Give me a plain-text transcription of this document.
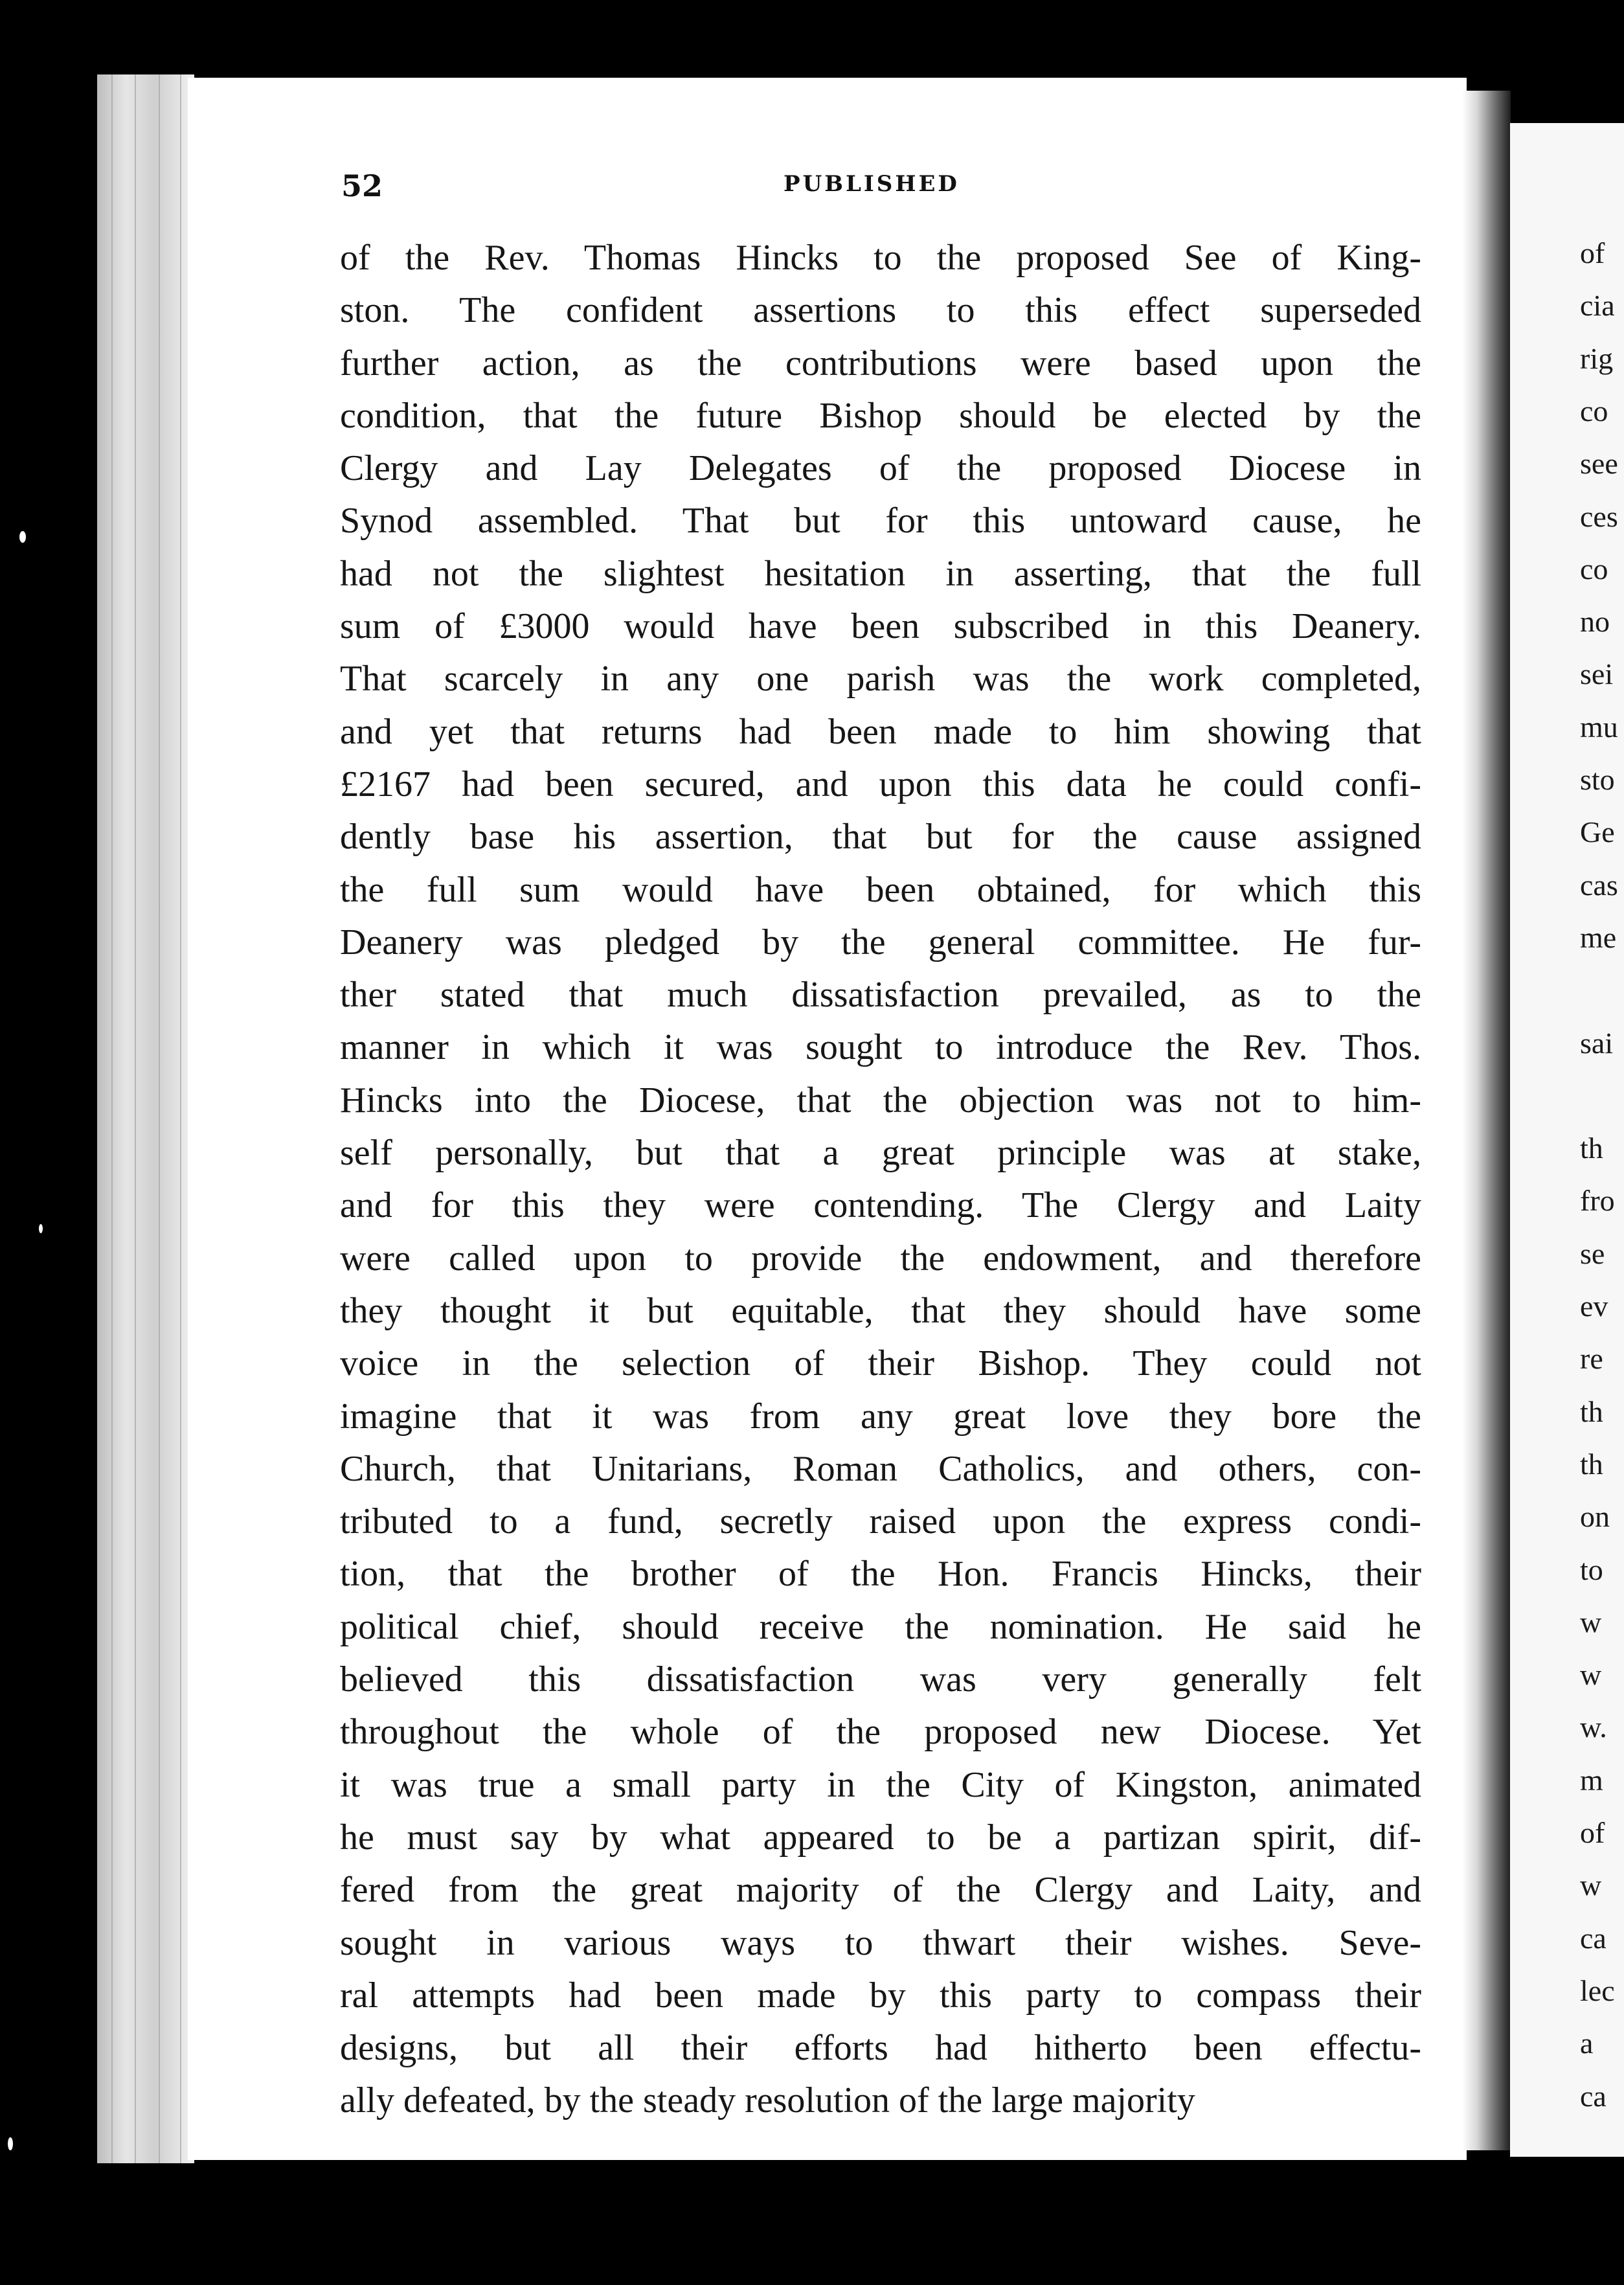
52	PUBLISHED

of the Rev. Thomas Hincks to the proposed See of King-
ston. The confident assertions to this effect superseded
further action, as the contributions were based upon the
condition, that the future Bishop should be elected by the
Clergy and Lay Delegates of the proposed Diocese in
Synod assembled. That but for this untoward cause, he
had not the slightest hesitation in asserting, that the full
sum of £3000 would have been subscribed in this Deanery.
That scarcely in any one parish was the work completed,
and yet that returns had been made to him showing that
£2167 had been secured, and upon this data he could confi-
dently base his assertion, that but for the cause assigned
the full sum would have been obtained, for which this
Deanery was pledged by the general committee. He fur-
ther stated that much dissatisfaction prevailed, as to the
manner in which it was sought to introduce the Rev. Thos.
Hincks into the Diocese, that the objection was not to him-
self personally, but that a great principle was at stake,
and for this they were contending. The Clergy and Laity
were called upon to provide the endowment, and therefore
they thought it but equitable, that they should have some
voice in the selection of their Bishop. They could not
imagine that it was from any great love they bore the
Church, that Unitarians, Roman Catholics, and others, con-
tributed to a fund, secretly raised upon the express condi-
tion, that the brother of the Hon. Francis Hincks, their
political chief, should receive the nomination. He said he
believed this dissatisfaction was very generally felt
throughout the whole of the proposed new Diocese. Yet
it was true a small party in the City of Kingston, animated
he must say by what appeared to be a partizan spirit, dif-
fered from the great majority of the Clergy and Laity, and
sought in various ways to thwart their wishes. Seve-
ral attempts had been made by this party to compass their
designs, but all their efforts had hitherto been effectu-
ally defeated, by the steady resolution of the large majority
of
cia
rig
co
see
ces
co
no
sei
mu
sto
Ge
cas
me
sai
th
fro
se
ev
re
th
th
on
to
w
w
w.
m
of
w
ca
lec
a
ca
